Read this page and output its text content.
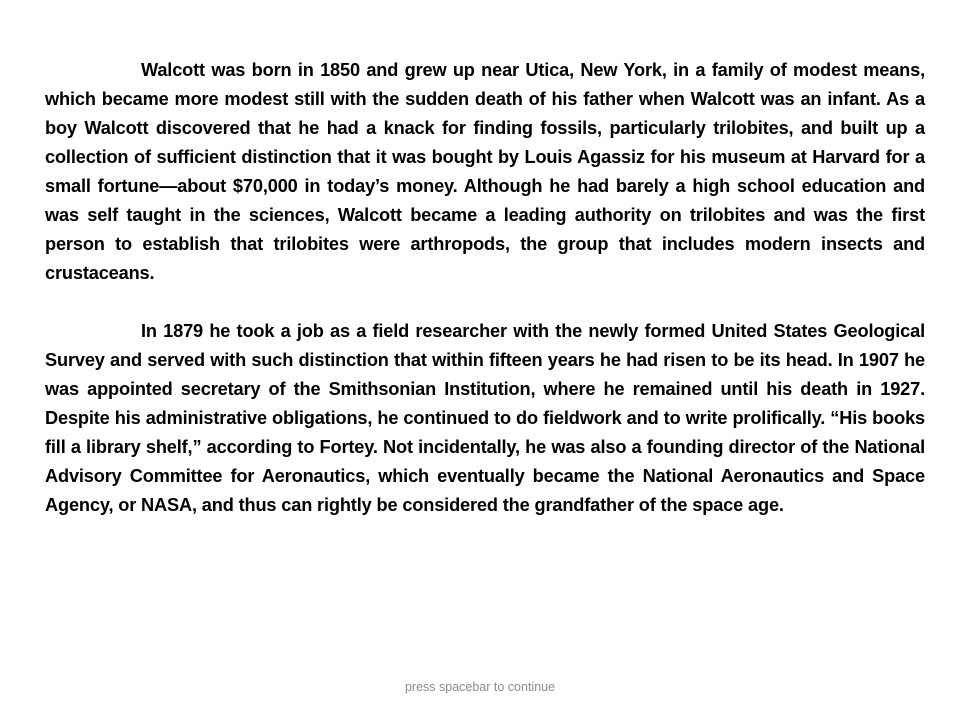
Walcott was born in 1850 and grew up near Utica, New York, in a family of modest means, which became more modest still with the sudden death of his father when Walcott was an infant. As a boy Walcott discovered that he had a knack for finding fossils, particularly trilobites, and built up a collection of sufficient distinction that it was bought by Louis Agassiz for his museum at Harvard for a small fortune—about $70,000 in today’s money. Although he had barely a high school education and was self taught in the sciences, Walcott became a leading authority on trilobites and was the first person to establish that trilobites were arthropods, the group that includes modern insects and crustaceans.

In 1879 he took a job as a field researcher with the newly formed United States Geological Survey and served with such distinction that within fifteen years he had risen to be its head. In 1907 he was appointed secretary of the Smithsonian Institution, where he remained until his death in 1927. Despite his administrative obligations, he continued to do fieldwork and to write prolifically. “His books fill a library shelf,” according to Fortey. Not incidentally, he was also a founding director of the National Advisory Committee for Aeronautics, which eventually became the National Aeronautics and Space Agency, or NASA, and thus can rightly be considered the grandfather of the space age.

press spacebar to continue
